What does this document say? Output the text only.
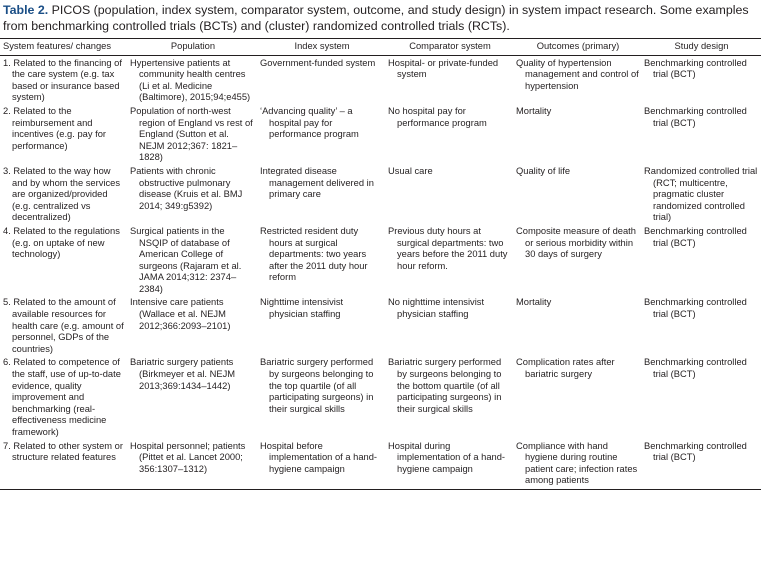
Table 2. PICOS (population, index system, comparator system, outcome, and study design) in system impact research. Some examples from benchmarking controlled trials (BCTs) and (cluster) randomized controlled trials (RCTs).
System features/ changes	Population	Index system	Comparator system	Outcomes (primary)	Study design

1. Related to the financing of the care system (e.g. tax based or insurance based system)	Hypertensive patients at community health centres (Li et al. Medicine (Baltimore), 2015;94;e455)	Government-funded system	Hospital- or private-funded system	Quality of hypertension management and control of hypertension	Benchmarking controlled trial (BCT)

2. Related to the reimbursement and incentives (e.g. pay for performance)	Population of north-west region of England vs rest of England (Sutton et al. NEJM 2012;367: 1821–1828)	‘Advancing quality’ – a hospital pay for performance program	No hospital pay for performance program	Mortality	Benchmarking controlled trial (BCT)

3. Related to the way how and by whom the services are organized/provided (e.g. centralized vs decentralized)	Patients with chronic obstructive pulmonary disease (Kruis et al. BMJ 2014; 349:g5392)	Integrated disease management delivered in primary care	Usual care	Quality of life	Randomized controlled trial (RCT; multicentre, pragmatic cluster randomized controlled trial)

4. Related to the regulations (e.g. on uptake of new technology)	Surgical patients in the NSQIP of database of American College of surgeons (Rajaram et al. JAMA 2014;312: 2374–2384)	Restricted resident duty hours at surgical departments: two years after the 2011 duty hour reform	Previous duty hours at surgical departments: two years before the 2011 duty hour reform.	Composite measure of death or serious morbidity within 30 days of surgery	Benchmarking controlled trial (BCT)

5. Related to the amount of available resources for health care (e.g. amount of personnel, GDPs of the countries)	Intensive care patients (Wallace et al. NEJM 2012;366:2093–2101)	Nighttime intensivist physician staffing	No nighttime intensivist physician staffing	Mortality	Benchmarking controlled trial (BCT)

6. Related to competence of the staff, use of up-to-date evidence, quality improvement and benchmarking (real-effectiveness medicine framework)	Bariatric surgery patients (Birkmeyer et al. NEJM 2013;369:1434–1442)	Bariatric surgery performed by surgeons belonging to the top quartile (of all participating surgeons) in their surgical skills	Bariatric surgery performed by surgeons belonging to the bottom quartile (of all participating surgeons) in their surgical skills	Complication rates after bariatric surgery	Benchmarking controlled trial (BCT)

7. Related to other system or structure related features	Hospital personnel; patients (Pittet et al. Lancet 2000; 356:1307–1312)	Hospital before implementation of a hand-hygiene campaign	Hospital during implementation of a hand-hygiene campaign	Compliance with hand hygiene during routine patient care; infection rates among patients	Benchmarking controlled trial (BCT)
